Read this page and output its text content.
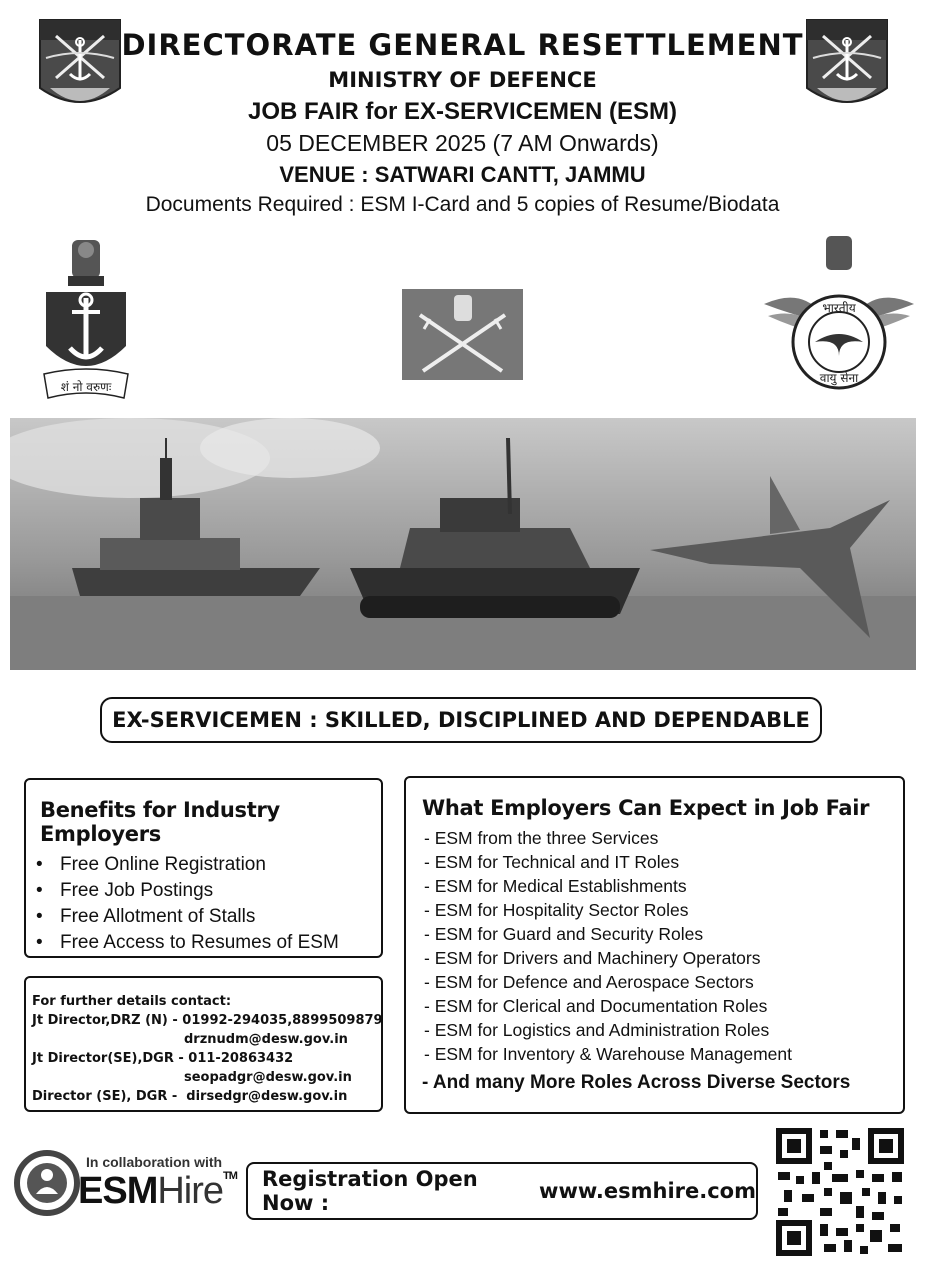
DIRECTORATE GENERAL RESETTLEMENT
MINISTRY OF DEFENCE
JOB FAIR for EX-SERVICEMEN (ESM)
05 DECEMBER 2025 (7 AM Onwards)
VENUE : SATWARI CANTT, JAMMU
Documents Required : ESM I-Card and 5 copies of Resume/Biodata
शं नो वरुणः
भारतीय
वायु सेना
EX-SERVICEMEN : SKILLED, DISCIPLINED AND DEPENDABLE
Benefits for Industry Employers
• Free Online Registration
• Free Job Postings
• Free Allotment of Stalls
• Free Access to Resumes of ESM
What Employers Can Expect in Job Fair
- ESM from the three Services
- ESM for Technical and IT Roles
- ESM for Medical Establishments
- ESM for Hospitality Sector Roles
- ESM for Guard and Security Roles
- ESM for Drivers and Machinery Operators
- ESM for Defence and Aerospace Sectors
- ESM for Clerical and Documentation Roles
- ESM for Logistics and Administration Roles
- ESM for Inventory & Warehouse Management
- And many More Roles Across Diverse Sectors
For further details contact:
Jt Director,DRZ (N) - 01992-294035,8899509879
drznudm@desw.gov.in
Jt Director(SE),DGR - 011-20863432
seopadgr@desw.gov.in
Director (SE), DGR -  dirsedgr@desw.gov.in
In collaboration with
ESMHire™ Registration Open Now :	www.esmhire.com
